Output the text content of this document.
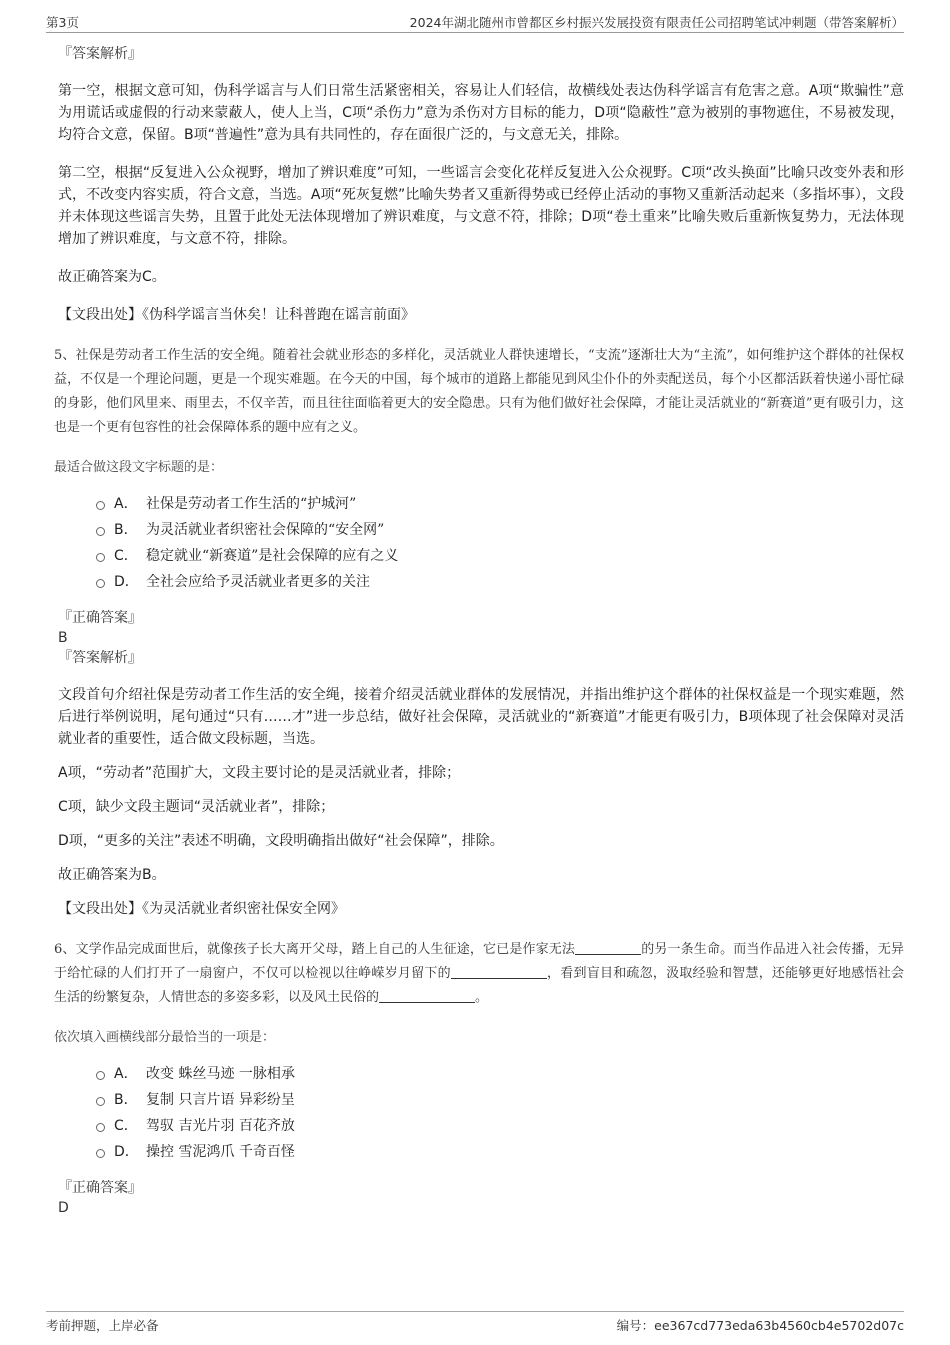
第3页	2024年湖北随州市曾都区乡村振兴发展投资有限责任公司招聘笔试冲刺题（带答案解析）
『答案解析』
第一空，根据文意可知，伪科学谣言与人们日常生活紧密相关，容易让人们轻信，故横线处表达伪科学谣言有危害之意。A项“欺骗性”意为用谎话或虚假的行动来蒙蔽人，使人上当，C项“杀伤力”意为杀伤对方目标的能力，D项“隐蔽性”意为被别的事物遮住，不易被发现，均符合文意，保留。B项“普遍性”意为具有共同性的，存在面很广泛的，与文意无关，排除。
第二空，根据“反复进入公众视野，增加了辨识难度”可知，一些谣言会变化花样反复进入公众视野。C项“改头换面”比喻只改变外表和形式，不改变内容实质，符合文意，当选。A项“死灰复燃”比喻失势者又重新得势或已经停止活动的事物又重新活动起来（多指坏事），文段并未体现这些谣言失势，且置于此处无法体现增加了辨识难度，与文意不符，排除；D项“卷土重来”比喻失败后重新恢复势力，无法体现增加了辨识难度，与文意不符，排除。
故正确答案为C。
【文段出处】《伪科学谣言当休矣！让科普跑在谣言前面》
5、社保是劳动者工作生活的安全绳。随着社会就业形态的多样化，灵活就业人群快速增长，“支流”逐渐壮大为“主流”，如何维护这个群体的社保权益，不仅是一个理论问题，更是一个现实难题。在今天的中国，每个城市的道路上都能见到风尘仆仆的外卖配送员，每个小区都活跃着快递小哥忙碌的身影，他们风里来、雨里去，不仅辛苦，而且往往面临着更大的安全隐患。只有为他们做好社会保障，才能让灵活就业的“新赛道”更有吸引力，这也是一个更有包容性的社会保障体系的题中应有之义。
最适合做这段文字标题的是：
A． 社保是劳动者工作生活的“护城河”
B． 为灵活就业者织密社会保障的“安全网”
C． 稳定就业“新赛道”是社会保障的应有之义
D． 全社会应给予灵活就业者更多的关注
『正确答案』
B
『答案解析』
文段首句介绍社保是劳动者工作生活的安全绳，接着介绍灵活就业群体的发展情况，并指出维护这个群体的社保权益是一个现实难题，然后进行举例说明，尾句通过“只有……才”进一步总结，做好社会保障，灵活就业的“新赛道”才能更有吸引力，B项体现了社会保障对灵活就业者的重要性，适合做文段标题，当选。
A项，“劳动者”范围扩大，文段主要讨论的是灵活就业者，排除；
C项，缺少文段主题词“灵活就业者”，排除；
D项，“更多的关注”表述不明确，文段明确指出做好“社会保障”，排除。
故正确答案为B。
【文段出处】《为灵活就业者织密社保安全网》
6、文学作品完成面世后，就像孩子长大离开父母，踏上自己的人生征途，它已是作家无法	的另一条生命。而当作品进入社会传播，无异于给忙碌的人们打开了一扇窗户，不仅可以检视以往峥嵘岁月留下的	，看到盲目和疏忽，汲取经验和智慧，还能够更好地感悟社会生活的纷繁复杂，人情世态的多姿多彩，以及风土民俗的	。
依次填入画横线部分最恰当的一项是：
A． 改变 蛛丝马迹 一脉相承
B． 复制 只言片语 异彩纷呈
C． 驾驭 吉光片羽 百花齐放
D． 操控 雪泥鸿爪 千奇百怪
『正确答案』
D
考前押题，上岸必备	编号：ee367cd773eda63b4560cb4e5702d07c
